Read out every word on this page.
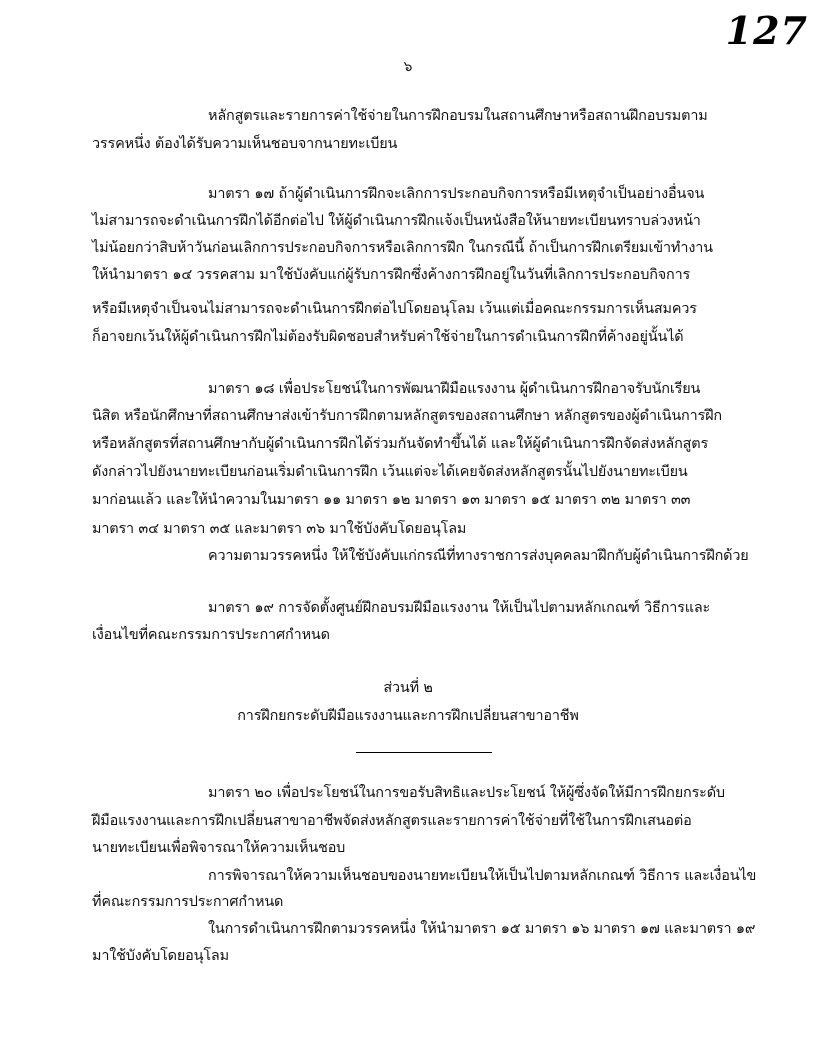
127
๖
หลักสูตรและรายการค่าใช้จ่ายในการฝึกอบรมในสถานศึกษาหรือสถานฝึกอบรมตาม
วรรคหนึ่ง ต้องได้รับความเห็นชอบจากนายทะเบียน
มาตรา ๑๗ ถ้าผู้ดำเนินการฝึกจะเลิกการประกอบกิจการหรือมีเหตุจำเป็นอย่างอื่นจน
ไม่สามารถจะดำเนินการฝึกได้อีกต่อไป ให้ผู้ดำเนินการฝึกแจ้งเป็นหนังสือให้นายทะเบียนทราบล่วงหน้า
ไม่น้อยกว่าสิบห้าวันก่อนเลิกการประกอบกิจการหรือเลิกการฝึก ในกรณีนี้ ถ้าเป็นการฝึกเตรียมเข้าทำงาน
ให้นำมาตรา ๑๔ วรรคสาม มาใช้บังคับแก่ผู้รับการฝึกซึ่งค้างการฝึกอยู่ในวันที่เลิกการประกอบกิจการ
หรือมีเหตุจำเป็นจนไม่สามารถจะดำเนินการฝึกต่อไปโดยอนุโลม เว้นแต่เมื่อคณะกรรมการเห็นสมควร
ก็อาจยกเว้นให้ผู้ดำเนินการฝึกไม่ต้องรับผิดชอบสำหรับค่าใช้จ่ายในการดำเนินการฝึกที่ค้างอยู่นั้นได้
มาตรา ๑๘ เพื่อประโยชน์ในการพัฒนาฝีมือแรงงาน ผู้ดำเนินการฝึกอาจรับนักเรียน
นิสิต หรือนักศึกษาที่สถานศึกษาส่งเข้ารับการฝึกตามหลักสูตรของสถานศึกษา หลักสูตรของผู้ดำเนินการฝึก
หรือหลักสูตรที่สถานศึกษากับผู้ดำเนินการฝึกได้ร่วมกันจัดทำขึ้นได้ และให้ผู้ดำเนินการฝึกจัดส่งหลักสูตร
ดังกล่าวไปยังนายทะเบียนก่อนเริ่มดำเนินการฝึก เว้นแต่จะได้เคยจัดส่งหลักสูตรนั้นไปยังนายทะเบียน
มาก่อนแล้ว และให้นำความในมาตรา ๑๑ มาตรา ๑๒ มาตรา ๑๓ มาตรา ๑๕ มาตรา ๓๒ มาตรา ๓๓
มาตรา ๓๔ มาตรา ๓๕ และมาตรา ๓๖ มาใช้บังคับโดยอนุโลม
ความตามวรรคหนึ่ง ให้ใช้บังคับแก่กรณีที่ทางราชการส่งบุคคลมาฝึกกับผู้ดำเนินการฝึกด้วย
มาตรา ๑๙ การจัดตั้งศูนย์ฝึกอบรมฝีมือแรงงาน ให้เป็นไปตามหลักเกณฑ์ วิธีการและ
เงื่อนไขที่คณะกรรมการประกาศกำหนด
ส่วนที่ ๒
การฝึกยกระดับฝีมือแรงงานและการฝึกเปลี่ยนสาขาอาชีพ
มาตรา ๒๐ เพื่อประโยชน์ในการขอรับสิทธิและประโยชน์ ให้ผู้ซึ่งจัดให้มีการฝึกยกระดับ
ฝีมือแรงงานและการฝึกเปลี่ยนสาขาอาชีพจัดส่งหลักสูตรและรายการค่าใช้จ่ายที่ใช้ในการฝึกเสนอต่อ
นายทะเบียนเพื่อพิจารณาให้ความเห็นชอบ
การพิจารณาให้ความเห็นชอบของนายทะเบียนให้เป็นไปตามหลักเกณฑ์ วิธีการ และเงื่อนไข
ที่คณะกรรมการประกาศกำหนด
ในการดำเนินการฝึกตามวรรคหนึ่ง ให้นำมาตรา ๑๕ มาตรา ๑๖ มาตรา ๑๗ และมาตรา ๑๙
มาใช้บังคับโดยอนุโลม
